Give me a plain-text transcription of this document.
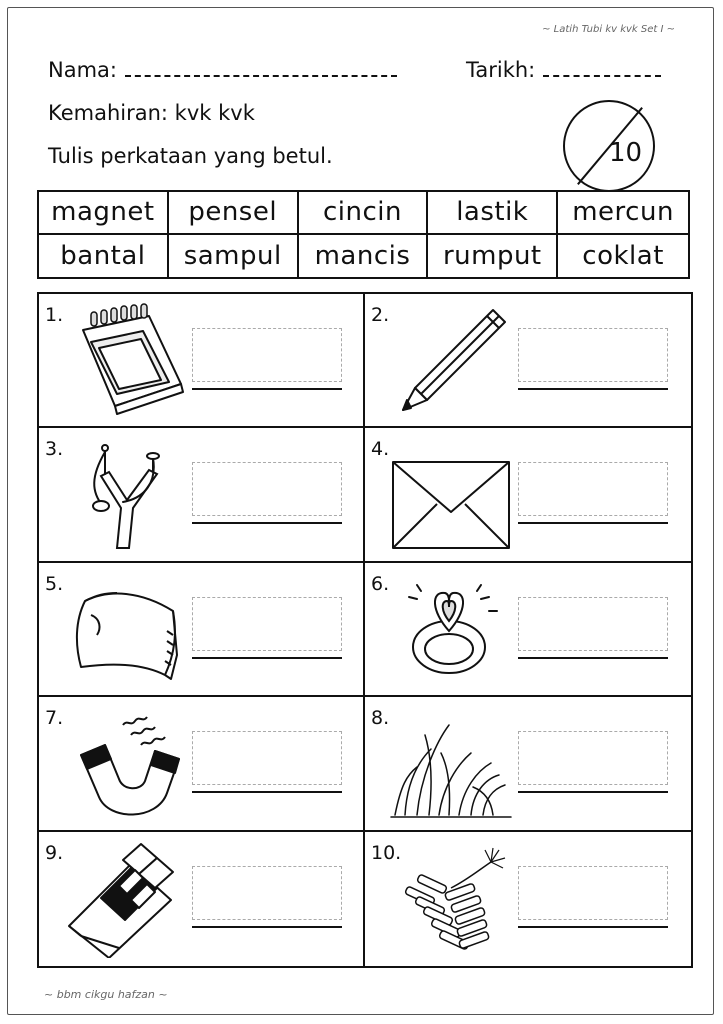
~ Latih Tubi kv kvk Set I ~
Nama:	Tarikh:
Kemahiran: kvk kvk
Tulis perkataan yang betul.	10
magnet	pensel	cincin	lastik	mercun
bantal	sampul	mancis	rumput	coklat
1.	2.
3.	4.
5.	6.
7.	8.
9.	10.
~ bbm cikgu hafzan ~
